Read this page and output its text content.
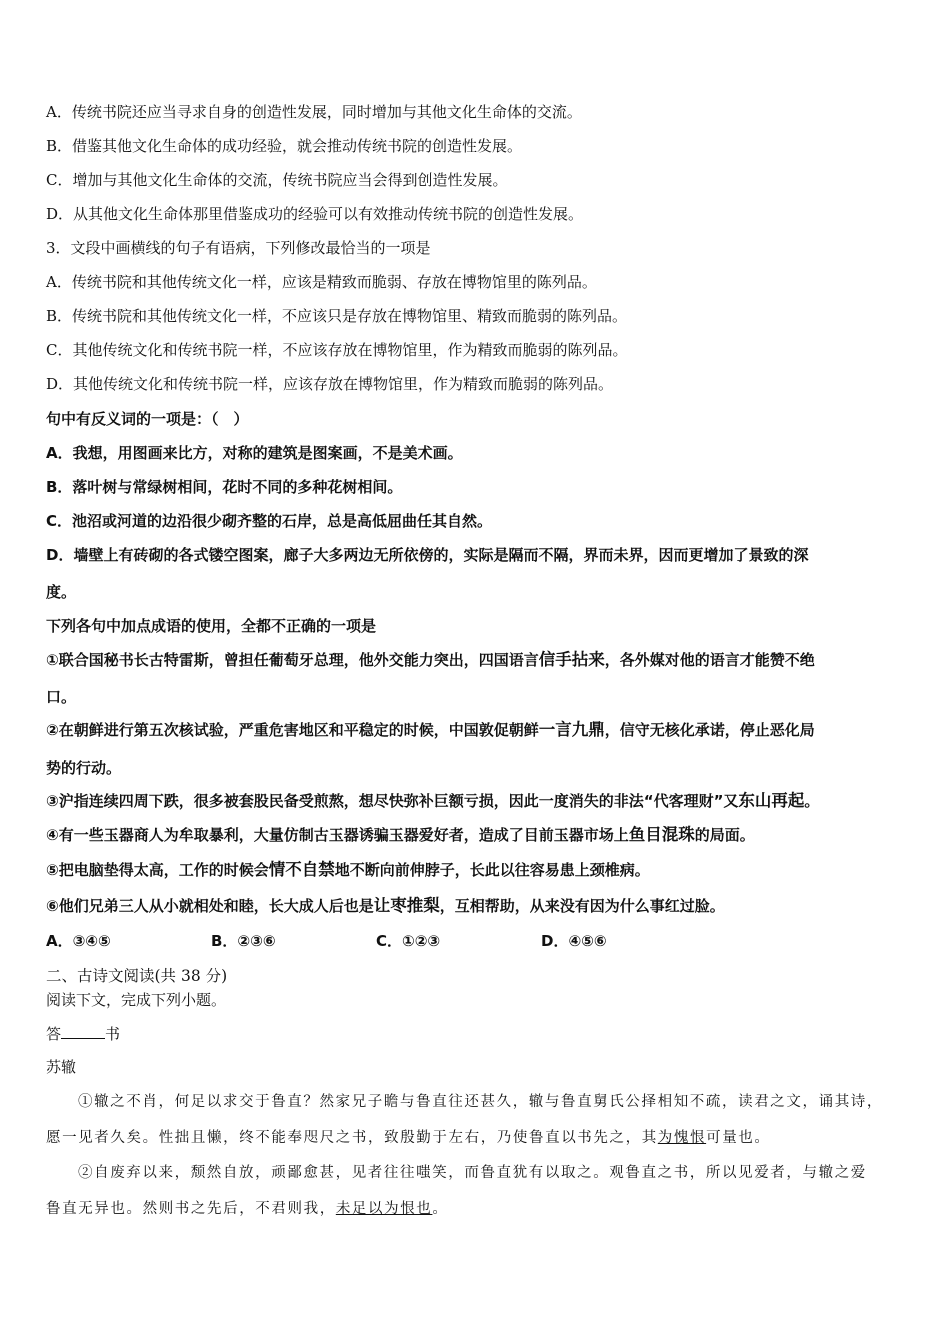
A．传统书院还应当寻求自身的创造性发展，同时增加与其他文化生命体的交流。
B．借鉴其他文化生命体的成功经验，就会推动传统书院的创造性发展。
C．增加与其他文化生命体的交流，传统书院应当会得到创造性发展。
D．从其他文化生命体那里借鉴成功的经验可以有效推动传统书院的创造性发展。
3．文段中画横线的句子有语病，下列修改最恰当的一项是
A．传统书院和其他传统文化一样，应该是精致而脆弱、存放在博物馆里的陈列品。
B．传统书院和其他传统文化一样，不应该只是存放在博物馆里、精致而脆弱的陈列品。
C．其他传统文化和传统书院一样，不应该存放在博物馆里，作为精致而脆弱的陈列品。
D．其他传统文化和传统书院一样，应该存放在博物馆里，作为精致而脆弱的陈列品。
句中有反义词的一项是：（　）
A．我想，用图画来比方，对称的建筑是图案画，不是美术画。
B．落叶树与常绿树相间，花时不同的多种花树相间。
C．池沼或河道的边沿很少砌齐整的石岸，总是高低屈曲任其自然。
D．墙壁上有砖砌的各式镂空图案，廊子大多两边无所依傍的，实际是隔而不隔，界而未界，因而更增加了景致的深
度。
下列各句中加点成语的使用，全都不正确的一项是
①联合国秘书长古特雷斯，曾担任葡萄牙总理，他外交能力突出，四国语言信手拈来，各外媒对他的语言才能赞不绝
口。
②在朝鲜进行第五次核试验，严重危害地区和平稳定的时候，中国敦促朝鲜一言九鼎，信守无核化承诺，停止恶化局
势的行动。
③沪指连续四周下跌，很多被套股民备受煎熬，想尽快弥补巨额亏损，因此一度消失的非法“代客理财”又东山再起。
④有一些玉器商人为牟取暴利，大量仿制古玉器诱骗玉器爱好者，造成了目前玉器市场上鱼目混珠的局面。
⑤把电脑垫得太高，工作的时候会情不自禁地不断向前伸脖子，长此以往容易患上颈椎病。
⑥他们兄弟三人从小就相处和睦，长大成人后也是让枣推梨，互相帮助，从来没有因为什么事红过脸。
A．③④⑤	B．②③⑥	C．①②③	D．④⑤⑥
二、古诗文阅读(共 38 分)
阅读下文，完成下列小题。
答	书
苏辙
①辙之不肖，何足以求交于鲁直？然家兄子瞻与鲁直往还甚久，辙与鲁直舅氏公择相知不疏，读君之文，诵其诗，
愿一见者久矣。性拙且懒，终不能奉咫尺之书，致殷勤于左右，乃使鲁直以书先之，其为愧恨可量也。
②自废弃以来，颓然自放，顽鄙愈甚，见者往往嗤笑，而鲁直犹有以取之。观鲁直之书，所以见爱者，与辙之爱
鲁直无异也。然则书之先后，不君则我，未足以为恨也。
